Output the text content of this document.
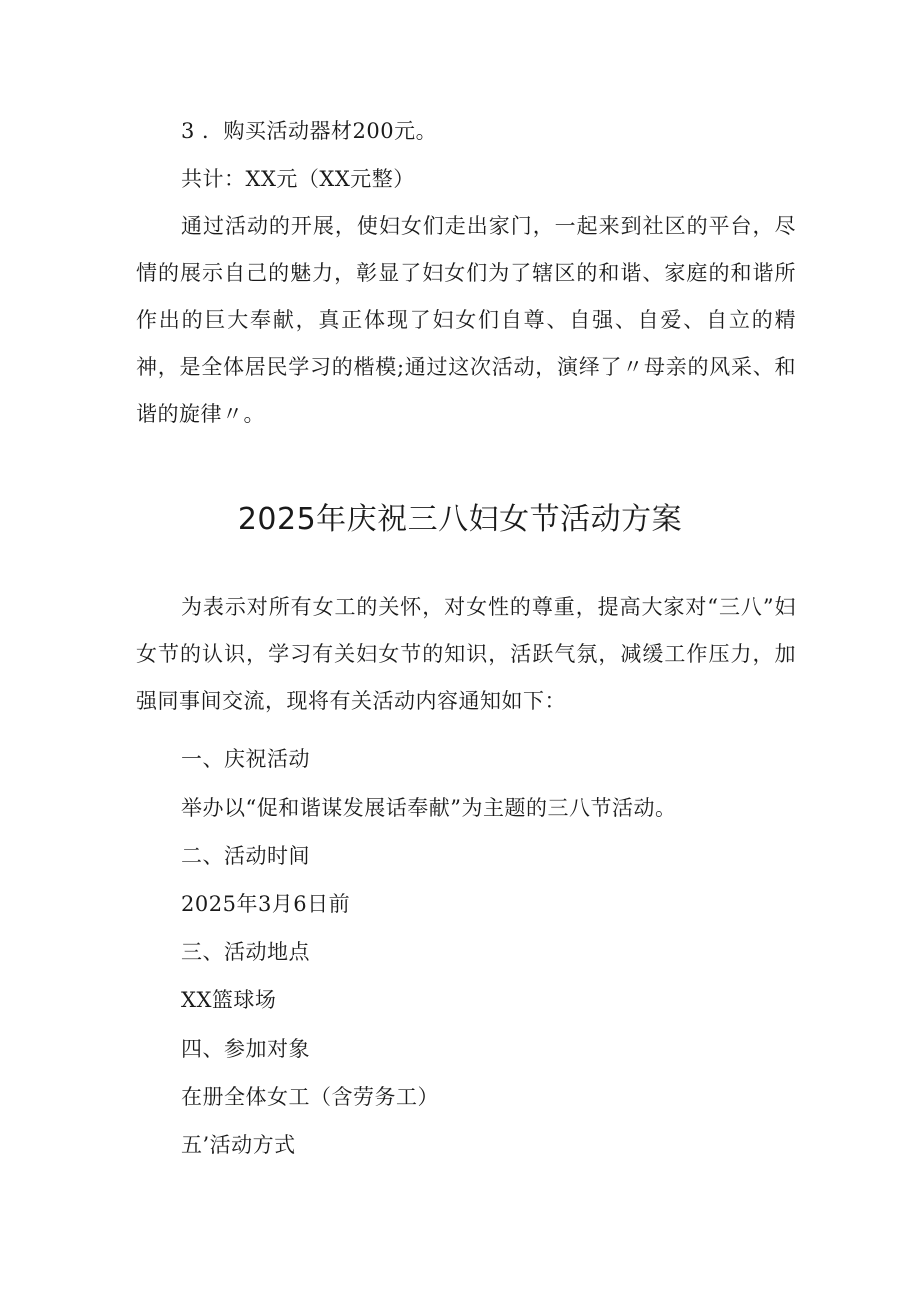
3 ．购买活动器材200元。
共计：XX元（XX元整）
通过活动的开展，使妇女们走出家门，一起来到社区的平台，尽情的展示自己的魅力，彰显了妇女们为了辖区的和谐、家庭的和谐所作出的巨大奉献，真正体现了妇女们自尊、自强、自爱、自立的精神，是全体居民学习的楷模;通过这次活动，演绎了〃母亲的风采、和谐的旋律〃。
2025年庆祝三八妇女节活动方案
为表示对所有女工的关怀，对女性的尊重，提高大家对“三八”妇女节的认识，学习有关妇女节的知识，活跃气氛，减缓工作压力，加强同事间交流，现将有关活动内容通知如下：
一、庆祝活动
举办以“促和谐谋发展话奉献”为主题的三八节活动。
二、活动时间
2025年3月6日前
三、活动地点
XX篮球场
四、参加对象
在册全体女工（含劳务工）
五’活动方式
